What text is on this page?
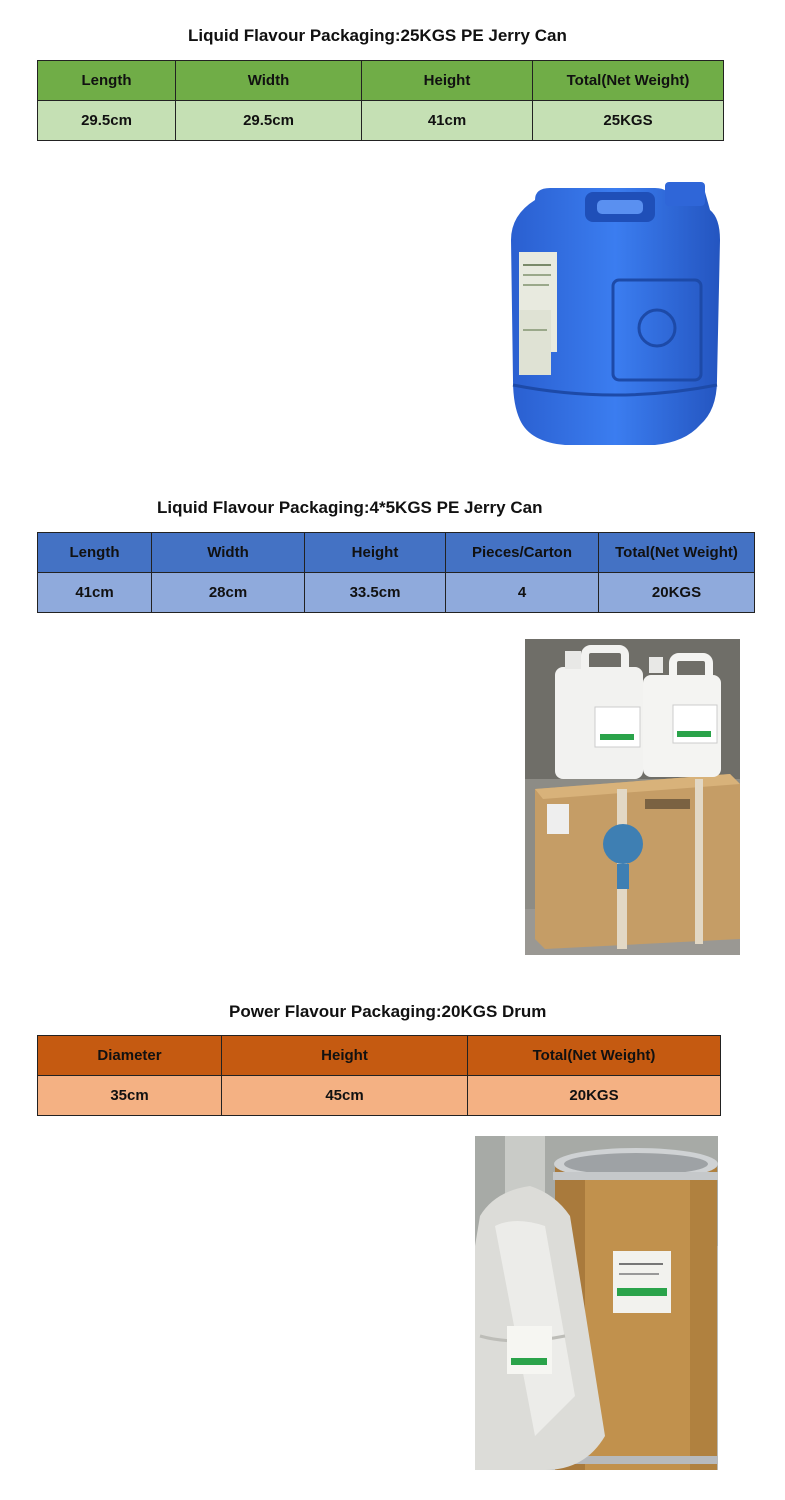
Liquid Flavour Packaging:25KGS PE Jerry Can
Length	Width	Height	Total(Net Weight)
29.5cm	29.5cm	41cm	25KGS
Liquid Flavour Packaging:4*5KGS PE Jerry Can
Length	Width	Height	Pieces/Carton	Total(Net Weight)
41cm	28cm	33.5cm	4	20KGS
Power Flavour Packaging:20KGS Drum
Diameter	Height	Total(Net Weight)
35cm	45cm	20KGS
